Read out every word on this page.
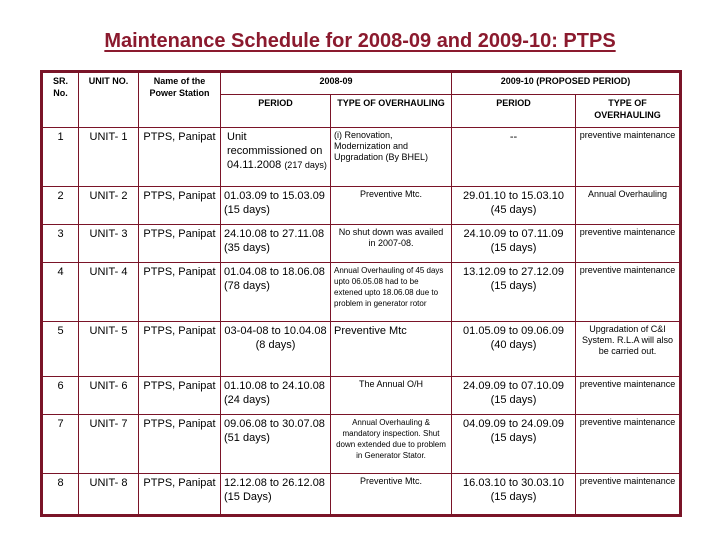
Maintenance Schedule for 2008-09 and 2009-10: PTPS
SR. No.	UNIT NO.	Name of the Power Station	2008-09		2009-10 (PROPOSED PERIOD)	
			PERIOD	TYPE OF OVERHAULING	PERIOD	TYPE OF OVERHAULING
1	UNIT- 1	PTPS, Panipat	Unit recommissioned on 04.11.2008 (217 days)	(i) Renovation, Modernization and Upgradation (By BHEL)	--	preventive maintenance
2	UNIT- 2	PTPS, Panipat	01.03.09 to 15.03.09 (15 days)	Preventive Mtc.	29.01.10 to 15.03.10 (45 days)	Annual Overhauling
3	UNIT- 3	PTPS, Panipat	24.10.08 to 27.11.08 (35 days)	No shut down was availed in 2007-08.	24.10.09 to 07.11.09 (15 days)	preventive maintenance
4	UNIT- 4	PTPS, Panipat	01.04.08 to 18.06.08 (78 days)	Annual Overhauling of 45 days upto 06.05.08 had to be extened upto 18.06.08 due to problem in generator rotor	13.12.09 to 27.12.09 (15 days)	preventive maintenance
5	UNIT- 5	PTPS, Panipat	03-04-08 to 10.04.08 (8 days)	Preventive Mtc	01.05.09 to 09.06.09 (40 days)	Upgradation of C&I System. R.L.A will also be carried out.
6	UNIT- 6	PTPS, Panipat	01.10.08 to 24.10.08 (24 days)	The Annual O/H	24.09.09 to 07.10.09 (15 days)	preventive maintenance
7	UNIT- 7	PTPS, Panipat	09.06.08 to 30.07.08 (51 days)	Annual Overhauling & mandatory inspection. Shut down extended due to problem in Generator Stator.	04.09.09 to 24.09.09 (15 days)	preventive maintenance
8	UNIT- 8	PTPS, Panipat	12.12.08 to 26.12.08 (15 Days)	Preventive Mtc.	16.03.10 to 30.03.10 (15 days)	preventive maintenance
